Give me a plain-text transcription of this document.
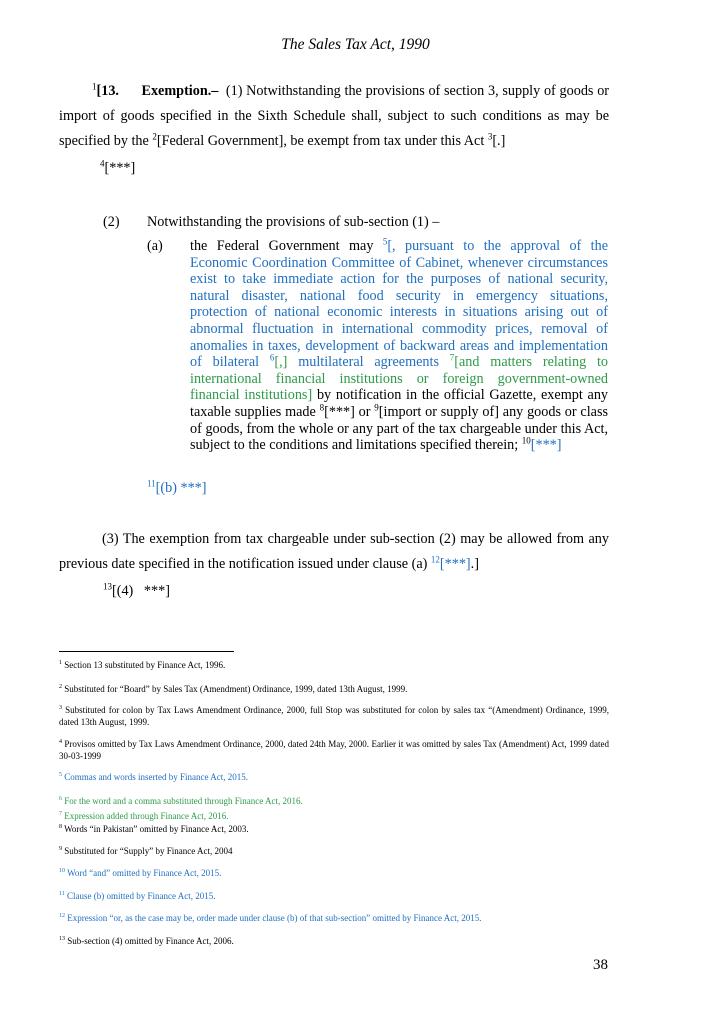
The Sales Tax Act, 1990
$^1$[13. Exemption.– (1) Notwithstanding the provisions of section 3, supply of goods or import of goods specified in the Sixth Schedule shall, subject to such conditions as may be specified by the $^2$[Federal Government], be exempt from tax under this Act $^3$[.]
$^4$[***]
(2) Notwithstanding the provisions of sub-section (1) –
(a) the Federal Government may $^5$[, pursuant to the approval of the Economic Coordination Committee of Cabinet, whenever circumstances exist to take immediate action for the purposes of national security, natural disaster, national food security in emergency situations, protection of national economic interests in situations arising out of abnormal fluctuation in international commodity prices, removal of anomalies in taxes, development of backward areas and implementation of bilateral $^6$[,] multilateral agreements $^7$[and matters relating to international financial institutions or foreign government-owned financial institutions] by notification in the official Gazette, exempt any taxable supplies made $^8$[***] or $^9$[import or supply of] any goods or class of goods, from the whole or any part of the tax chargeable under this Act, subject to the conditions and limitations specified therein; $^{10}$[***]
$^{11}$[(b) ***]
(3) The exemption from tax chargeable under sub-section (2) may be allowed from any previous date specified in the notification issued under clause (a) $^{12}$[***].]
$^{13}$[(4)   ***]
$^1$ Section 13 substituted by Finance Act, 1996.
$^2$ Substituted for “Board” by Sales Tax (Amendment) Ordinance, 1999, dated 13th August, 1999.
$^3$ Substituted for colon by Tax Laws Amendment Ordinance, 2000, full Stop was substituted for colon by sales tax “(Amendment) Ordinance, 1999, dated 13th August, 1999.
$^4$ Provisos omitted by Tax Laws Amendment Ordinance, 2000, dated 24th May, 2000. Earlier it was omitted by sales Tax (Amendment) Act, 1999 dated 30-03-1999
$^5$ Commas and words inserted by Finance Act, 2015.
$^6$ For the word and a comma substituted through Finance Act, 2016.
$^7$ Expression added through Finance Act, 2016.
$^8$ Words “in Pakistan” omitted by Finance Act, 2003.
$^9$ Substituted for “Supply” by Finance Act, 2004
$^{10}$ Word “and” omitted by Finance Act, 2015.
$^{11}$ Clause (b) omitted by Finance Act, 2015.
$^{12}$ Expression “or, as the case may be, order made under clause (b) of that sub-section” omitted by Finance Act, 2015.
$^{13}$ Sub-section (4) omitted by Finance Act, 2006.
38
